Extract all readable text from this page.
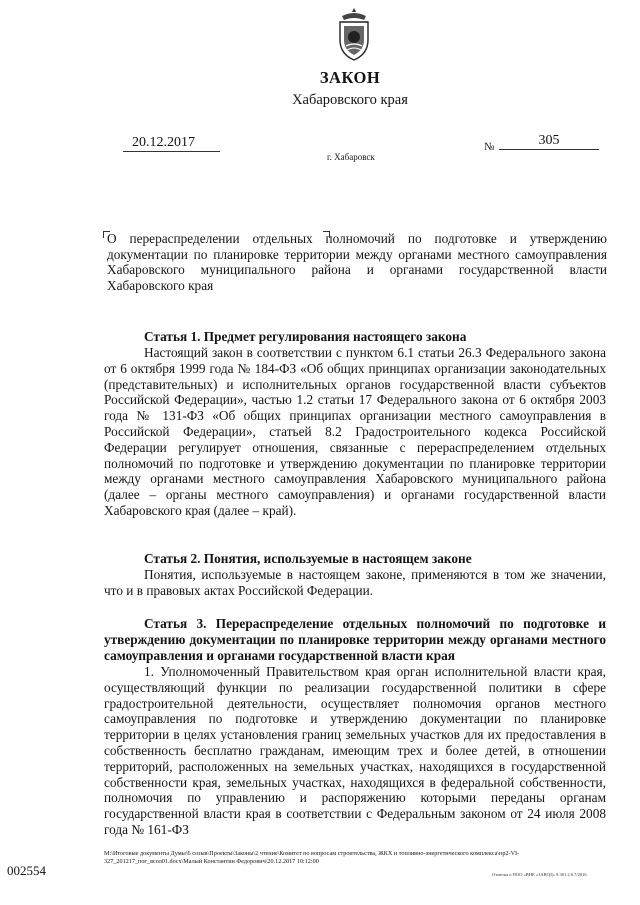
ЗАКОН
Хабаровского края
20.12.2017	№	305
г. Хабаровск
О перераспределении отдельных полномочий по подготовке и утверждению документации по планировке территории между органами местного самоуправления Хабаровского муниципального района и органами государственной власти Хабаровского края

Статья 1. Предмет регулирования настоящего закона

Настоящий закон в соответствии с пунктом 6.1 статьи 26.3 Федерального закона от 6 октября 1999 года № 184-ФЗ «Об общих принципах организации законодательных (представительных) и исполнительных органов государственной власти субъектов Российской Федерации», частью 1.2 статьи 17 Федерального закона от 6 октября 2003 года № 131-ФЗ «Об общих принципах организации местного самоуправления в Российской Федерации», статьей 8.2 Градостроительного кодекса Российской Федерации регулирует отношения, связанные с перераспределением отдельных полномочий по подготовке и утверждению документации по планировке территории между органами местного самоуправления Хабаровского муниципального района (далее – органы местного самоуправления) и органами государственной власти Хабаровского края (далее – край).

Статья 2. Понятия, используемые в настоящем законе

Понятия, используемые в настоящем законе, применяются в том же значении, что и в правовых актах Российской Федерации.

Статья 3. Перераспределение отдельных полномочий по подготовке и утверждению документации по планировке территории между органами местного самоуправления и органами государственной власти края

1. Уполномоченный Правительством края орган исполнительной власти края, осуществляющий функции по реализации государственной политики в сфере градостроительной деятельности, осуществляет полномочия органов местного самоуправления по подготовке и утверждению документации по планировке территории в целях установления границ земельных участков для их предоставления в собственность бесплатно гражданам, имеющим трех и более детей, в отношении территорий, расположенных на земельных участках, находящихся в государственной собственности края, земельных участках, находящихся в федеральной собственности, полномочия по управлению и распоряжению которыми переданы органам государственной власти края в соответствии с Федеральным законом от 24 июля 2008 года № 161-ФЗ

M:\Итоговые документы Думы\6 созыв\Проекты\Законы\2 чтение\Комитет по вопросам строительства, ЖКХ и топливно-энергетического комплекса\пр2-VI-327_201217_пог_всол01.docx\Малый Константин Федорович\20.12.2017 10:12:00
Отметка о ПОО «ВНЕ «ЗАВОД» 8.301.2.0.7/2016
002554
